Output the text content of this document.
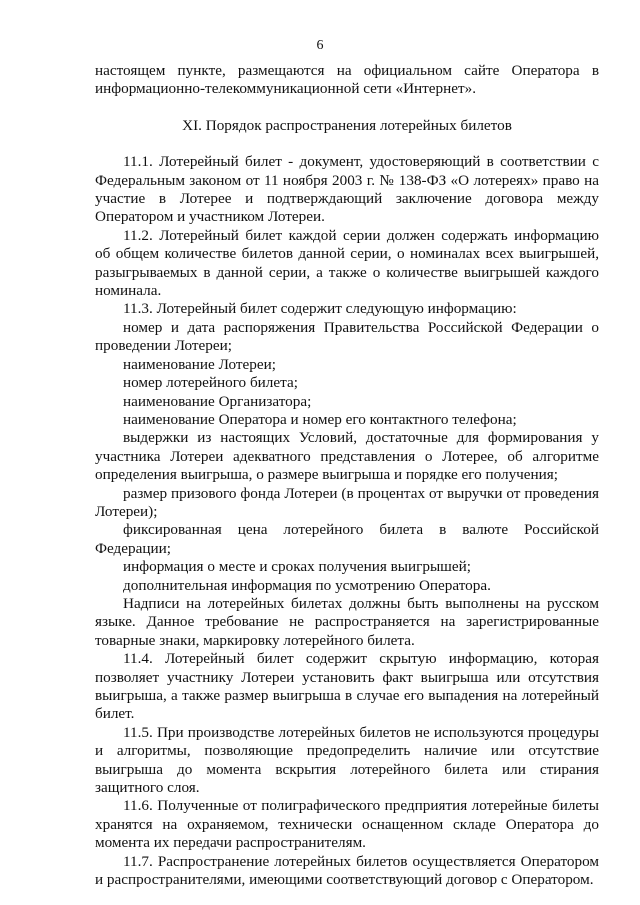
6

настоящем пункте, размещаются на официальном сайте Оператора в информационно-телекоммуникационной сети «Интернет».

XI. Порядок распространения лотерейных билетов

11.1. Лотерейный билет - документ, удостоверяющий в соответствии с Федеральным законом от 11 ноября 2003 г. № 138-ФЗ «О лотереях» право на участие в Лотерее и подтверждающий заключение договора между Оператором и участником Лотереи.

11.2. Лотерейный билет каждой серии должен содержать информацию об общем количестве билетов данной серии, о номиналах всех выигрышей, разыгрываемых в данной серии, а также о количестве выигрышей каждого номинала.

11.3. Лотерейный билет содержит следующую информацию:

номер и дата распоряжения Правительства Российской Федерации о проведении Лотереи;

наименование Лотереи;

номер лотерейного билета;

наименование Организатора;

наименование Оператора и номер его контактного телефона;

выдержки из настоящих Условий, достаточные для формирования у участника Лотереи адекватного представления о Лотерее, об алгоритме определения выигрыша, о размере выигрыша и порядке его получения;

размер призового фонда Лотереи (в процентах от выручки от проведения Лотереи);

фиксированная цена лотерейного билета в валюте Российской Федерации;

информация о месте и сроках получения выигрышей;

дополнительная информация по усмотрению Оператора.

Надписи на лотерейных билетах должны быть выполнены на русском языке. Данное требование не распространяется на зарегистрированные товарные знаки, маркировку лотерейного билета.

11.4. Лотерейный билет содержит скрытую информацию, которая позволяет участнику Лотереи установить факт выигрыша или отсутствия выигрыша, а также размер выигрыша в случае его выпадения на лотерейный билет.

11.5. При производстве лотерейных билетов не используются процедуры и алгоритмы, позволяющие предопределить наличие или отсутствие выигрыша до момента вскрытия лотерейного билета или стирания защитного слоя.

11.6. Полученные от полиграфического предприятия лотерейные билеты хранятся на охраняемом, технически оснащенном складе Оператора до момента их передачи распространителям.

11.7. Распространение лотерейных билетов осуществляется Оператором и распространителями, имеющими соответствующий договор с Оператором.
